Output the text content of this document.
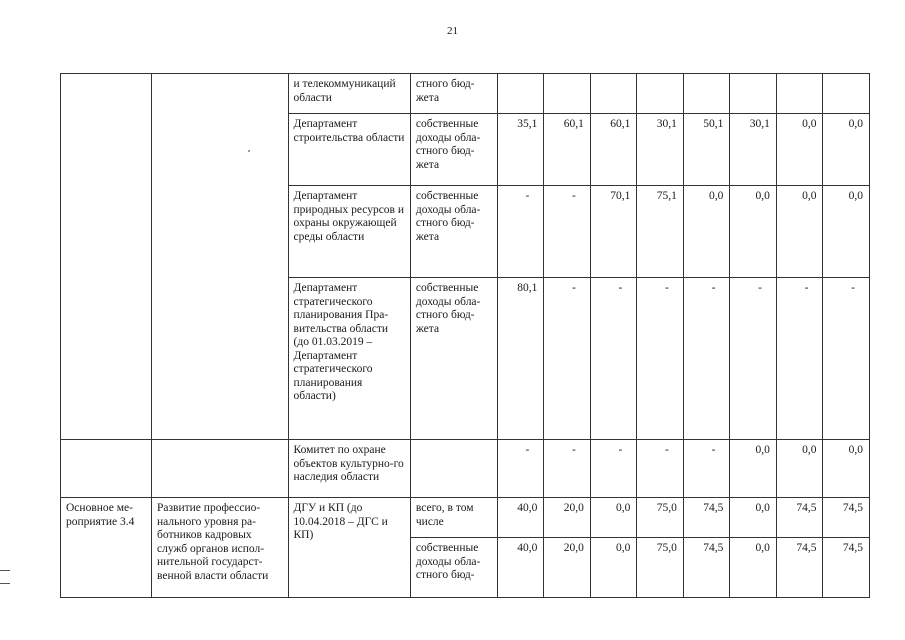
21
		и телекоммуникаций области	стного бюд-жета								
		Департамент строительства области	собственные доходы обла-стного бюд-жета	35,1	60,1	60,1	30,1	50,1	30,1	0,0	0,0
		Департамент природных ресурсов и охраны окружающей среды области	собственные доходы обла-стного бюд-жета	-	-	70,1	75,1	0,0	0,0	0,0	0,0
		Департамент стратегического планирования Пра-вительства области (до 01.03.2019 – Департамент стратегического планирования области)	собственные доходы обла-стного бюд-жета	80,1	-	-	-	-	-	-	-
		Комитет по охране объектов культурно-го наследия области		-	-	-	-	-	0,0	0,0	0,0
Основное ме-роприятие 3.4	Развитие профессио-нального уровня ра-ботников кадровых служб органов испол-нительной государст-венной власти области	ДГУ и КП (до 10.04.2018 – ДГС и КП)	всего, в том числе	40,0	20,0	0,0	75,0	74,5	0,0	74,5	74,5
			собственные доходы обла-стного бюд-	40,0	20,0	0,0	75,0	74,5	0,0	74,5	74,5
